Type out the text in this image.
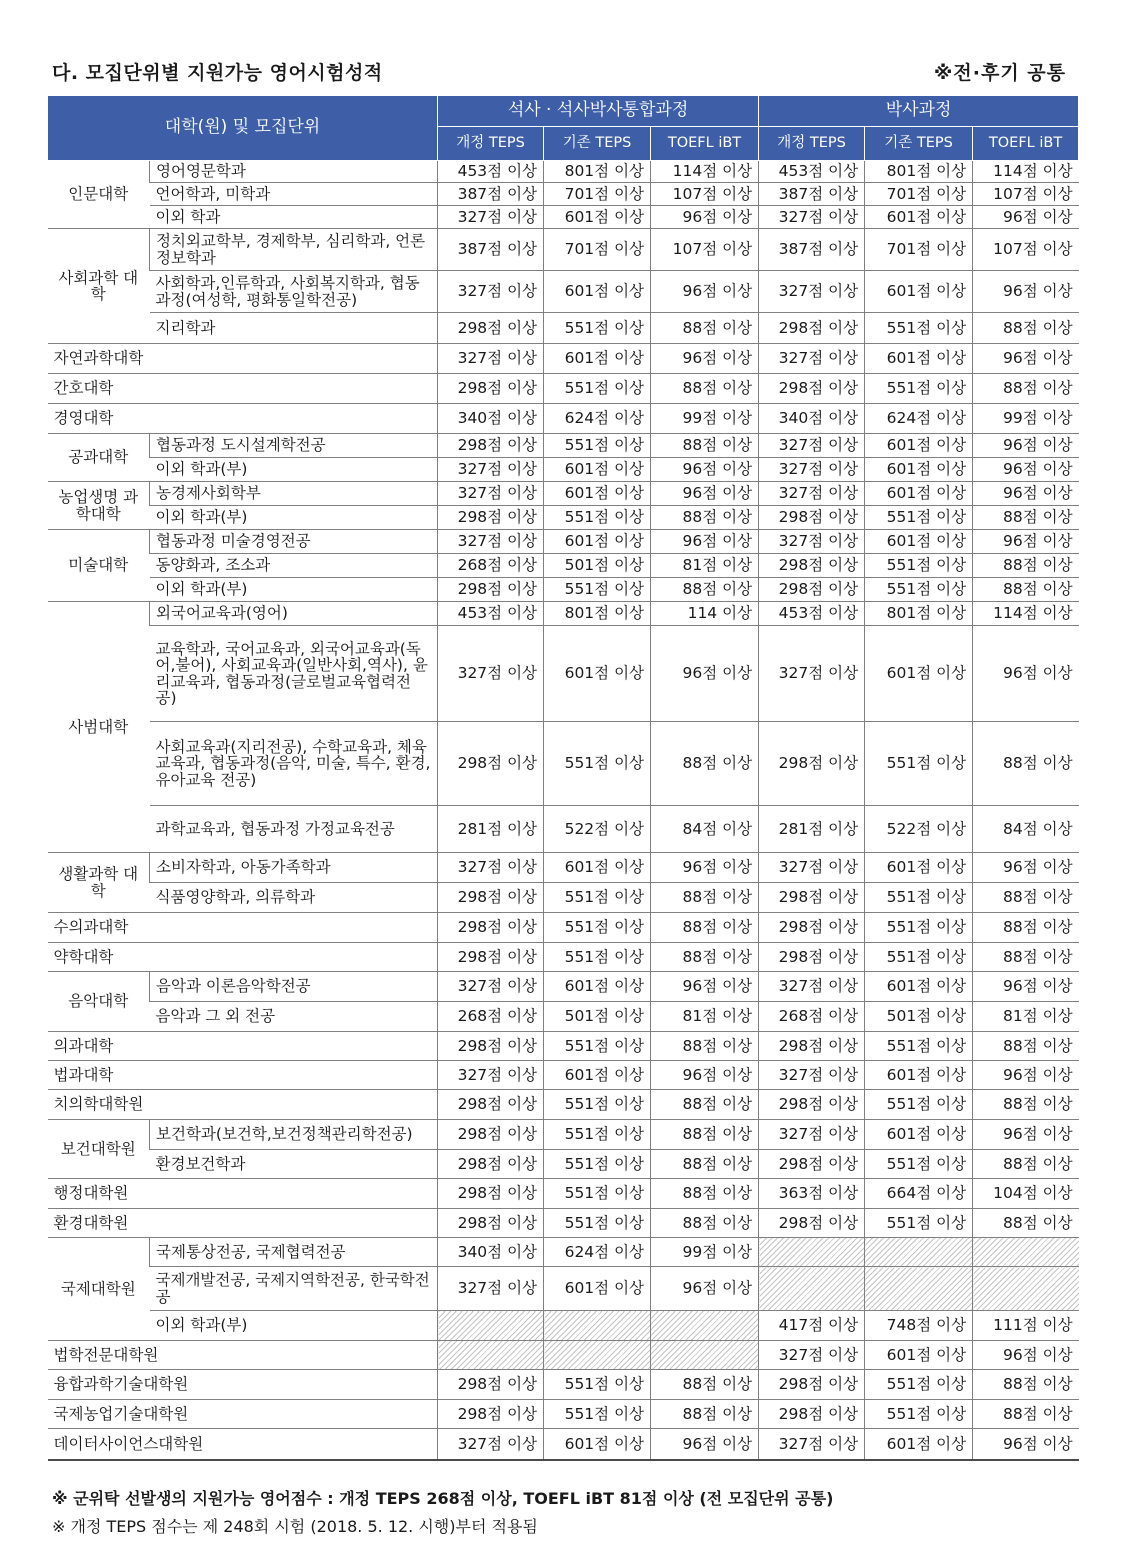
다. 모집단위별 지원가능 영어시험성적	※전·후기 공통
대학(원) 및 모집단위		석사 · 석사박사통합과정			박사과정		
		개정 TEPS	기존 TEPS	TOEFL iBT	개정 TEPS	기존 TEPS	TOEFL iBT
인문대학	영어영문학과	453점 이상	801점 이상	114점 이상	453점 이상	801점 이상	114점 이상
	언어학과, 미학과	387점 이상	701점 이상	107점 이상	387점 이상	701점 이상	107점 이상
	이외 학과	327점 이상	601점 이상	96점 이상	327점 이상	601점 이상	96점 이상
사회과학 대학	정치외교학부, 경제학부, 심리학과, 언론정보학과	387점 이상	701점 이상	107점 이상	387점 이상	701점 이상	107점 이상
	사회학과,인류학과, 사회복지학과, 협동과정(여성학, 평화통일학전공)	327점 이상	601점 이상	96점 이상	327점 이상	601점 이상	96점 이상
	지리학과	298점 이상	551점 이상	88점 이상	298점 이상	551점 이상	88점 이상
자연과학대학		327점 이상	601점 이상	96점 이상	327점 이상	601점 이상	96점 이상
간호대학		298점 이상	551점 이상	88점 이상	298점 이상	551점 이상	88점 이상
경영대학		340점 이상	624점 이상	99점 이상	340점 이상	624점 이상	99점 이상
공과대학	협동과정 도시설계학전공	298점 이상	551점 이상	88점 이상	327점 이상	601점 이상	96점 이상
	이외 학과(부)	327점 이상	601점 이상	96점 이상	327점 이상	601점 이상	96점 이상
농업생명 과학대학	농경제사회학부	327점 이상	601점 이상	96점 이상	327점 이상	601점 이상	96점 이상
	이외 학과(부)	298점 이상	551점 이상	88점 이상	298점 이상	551점 이상	88점 이상
미술대학	협동과정 미술경영전공	327점 이상	601점 이상	96점 이상	327점 이상	601점 이상	96점 이상
	동양화과, 조소과	268점 이상	501점 이상	81점 이상	298점 이상	551점 이상	88점 이상
	이외 학과(부)	298점 이상	551점 이상	88점 이상	298점 이상	551점 이상	88점 이상
사범대학	외국어교육과(영어)	453점 이상	801점 이상	114 이상	453점 이상	801점 이상	114점 이상
	교육학과, 국어교육과, 외국어교육과(독어,불어), 사회교육과(일반사회,역사), 윤리교육과, 협동과정(글로벌교육협력전공)	327점 이상	601점 이상	96점 이상	327점 이상	601점 이상	96점 이상
	사회교육과(지리전공), 수학교육과, 체육교육과, 협동과정(음악, 미술, 특수, 환경, 유아교육 전공)	298점 이상	551점 이상	88점 이상	298점 이상	551점 이상	88점 이상
	과학교육과, 협동과정 가정교육전공	281점 이상	522점 이상	84점 이상	281점 이상	522점 이상	84점 이상
생활과학 대학	소비자학과, 아동가족학과	327점 이상	601점 이상	96점 이상	327점 이상	601점 이상	96점 이상
	식품영양학과, 의류학과	298점 이상	551점 이상	88점 이상	298점 이상	551점 이상	88점 이상
수의과대학		298점 이상	551점 이상	88점 이상	298점 이상	551점 이상	88점 이상
약학대학		298점 이상	551점 이상	88점 이상	298점 이상	551점 이상	88점 이상
음악대학	음악과 이론음악학전공	327점 이상	601점 이상	96점 이상	327점 이상	601점 이상	96점 이상
	음악과 그 외 전공	268점 이상	501점 이상	81점 이상	268점 이상	501점 이상	81점 이상
의과대학		298점 이상	551점 이상	88점 이상	298점 이상	551점 이상	88점 이상
법과대학		327점 이상	601점 이상	96점 이상	327점 이상	601점 이상	96점 이상
치의학대학원		298점 이상	551점 이상	88점 이상	298점 이상	551점 이상	88점 이상
보건대학원	보건학과(보건학,보건정책관리학전공)	298점 이상	551점 이상	88점 이상	327점 이상	601점 이상	96점 이상
	환경보건학과	298점 이상	551점 이상	88점 이상	298점 이상	551점 이상	88점 이상
행정대학원		298점 이상	551점 이상	88점 이상	363점 이상	664점 이상	104점 이상
환경대학원		298점 이상	551점 이상	88점 이상	298점 이상	551점 이상	88점 이상
국제대학원	국제통상전공, 국제협력전공	340점 이상	624점 이상	99점 이상			
	국제개발전공, 국제지역학전공, 한국학전공	327점 이상	601점 이상	96점 이상			
	이외 학과(부)				417점 이상	748점 이상	111점 이상
법학전문대학원					327점 이상	601점 이상	96점 이상
융합과학기술대학원		298점 이상	551점 이상	88점 이상	298점 이상	551점 이상	88점 이상
국제농업기술대학원		298점 이상	551점 이상	88점 이상	298점 이상	551점 이상	88점 이상
데이터사이언스대학원		327점 이상	601점 이상	96점 이상	327점 이상	601점 이상	96점 이상
※ 군위탁 선발생의 지원가능 영어점수 : 개정 TEPS 268점 이상, TOEFL iBT 81점 이상 (전 모집단위 공통)
※ 개정 TEPS 점수는 제 248회 시험 (2018. 5. 12. 시행)부터 적용됨
